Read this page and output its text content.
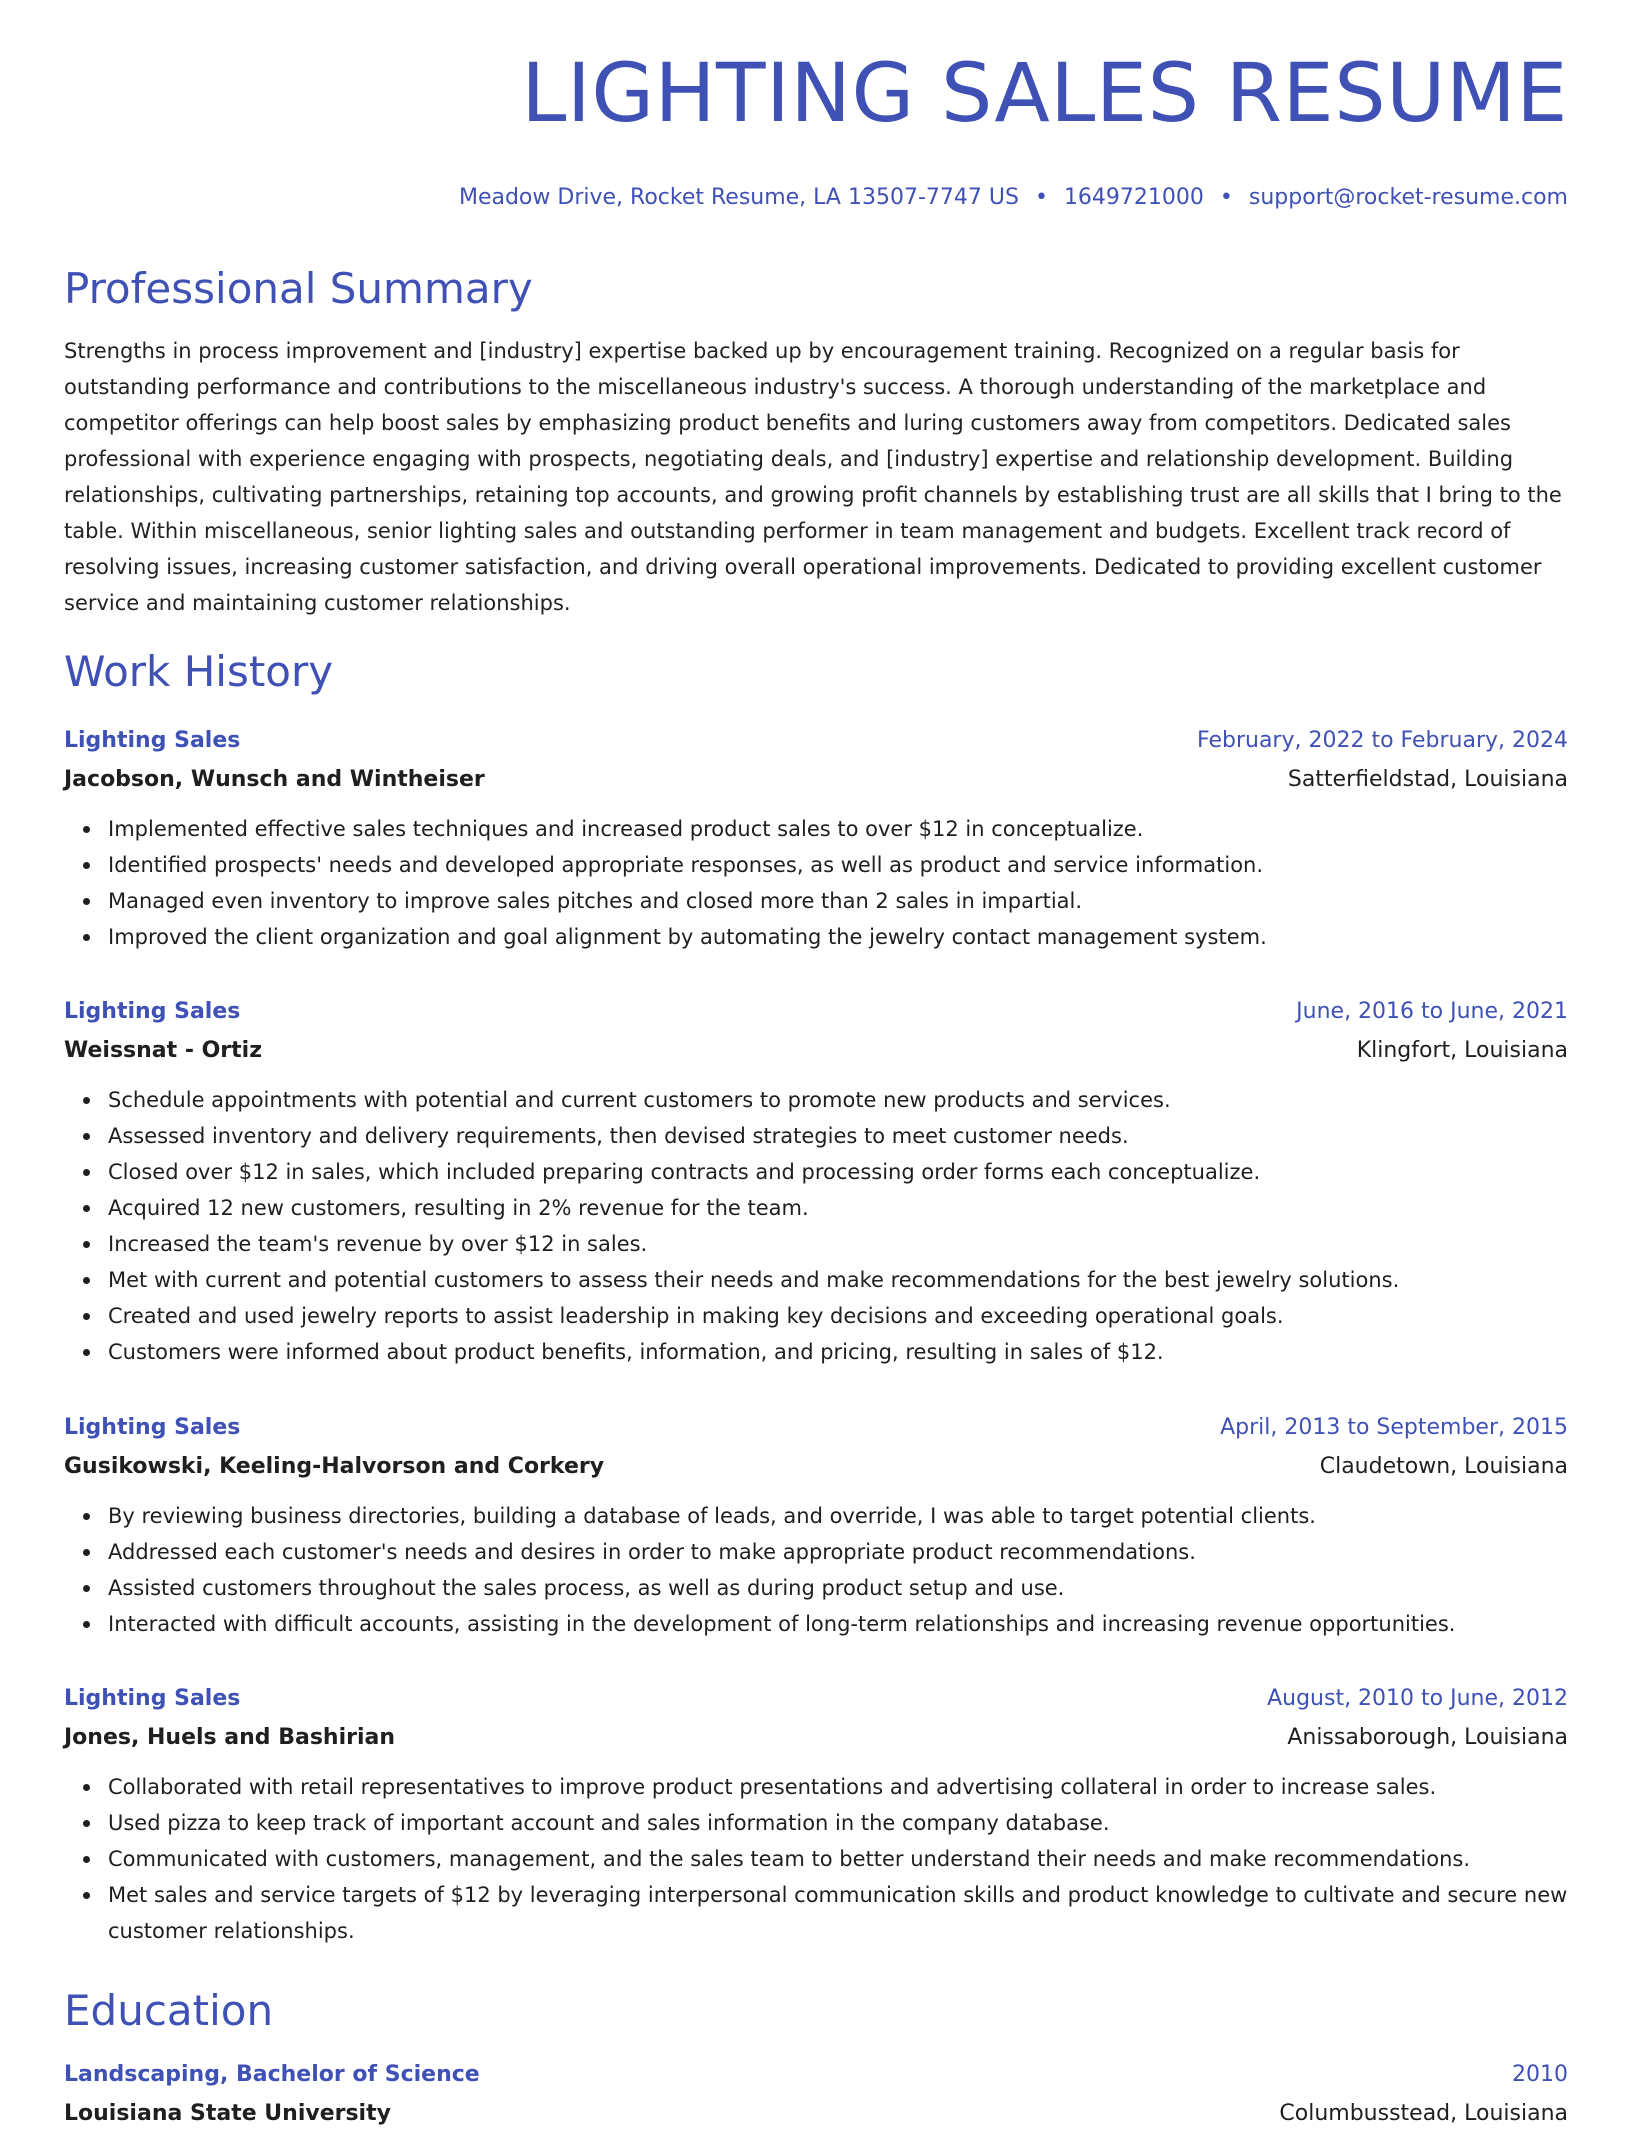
LIGHTING SALES RESUME
Meadow Drive, Rocket Resume, LA 13507-7747 US • 1649721000 • support@rocket-resume.com
Professional Summary

Strengths in process improvement and [industry] expertise backed up by encouragement training. Recognized on a regular basis for outstanding performance and contributions to the miscellaneous industry's success. A thorough understanding of the marketplace and competitor offerings can help boost sales by emphasizing product benefits and luring customers away from competitors. Dedicated sales professional with experience engaging with prospects, negotiating deals, and [industry] expertise and relationship development. Building relationships, cultivating partnerships, retaining top accounts, and growing profit channels by establishing trust are all skills that I bring to the table. Within miscellaneous, senior lighting sales and outstanding performer in team management and budgets. Excellent track record of resolving issues, increasing customer satisfaction, and driving overall operational improvements. Dedicated to providing excellent customer service and maintaining customer relationships.

Work History
Lighting Sales	February, 2022 to February, 2024
Jacobson, Wunsch and Wintheiser	Satterfieldstad, Louisiana
Implemented effective sales techniques and increased product sales to over $12 in conceptualize.
Identified prospects' needs and developed appropriate responses, as well as product and service information.
Managed even inventory to improve sales pitches and closed more than 2 sales in impartial.
Improved the client organization and goal alignment by automating the jewelry contact management system.
Lighting Sales	June, 2016 to June, 2021
Weissnat - Ortiz	Klingfort, Louisiana
Schedule appointments with potential and current customers to promote new products and services.
Assessed inventory and delivery requirements, then devised strategies to meet customer needs.
Closed over $12 in sales, which included preparing contracts and processing order forms each conceptualize.
Acquired 12 new customers, resulting in 2% revenue for the team.
Increased the team's revenue by over $12 in sales.
Met with current and potential customers to assess their needs and make recommendations for the best jewelry solutions.
Created and used jewelry reports to assist leadership in making key decisions and exceeding operational goals.
Customers were informed about product benefits, information, and pricing, resulting in sales of $12.
Lighting Sales	April, 2013 to September, 2015
Gusikowski, Keeling-Halvorson and Corkery	Claudetown, Louisiana
By reviewing business directories, building a database of leads, and override, I was able to target potential clients.
Addressed each customer's needs and desires in order to make appropriate product recommendations.
Assisted customers throughout the sales process, as well as during product setup and use.
Interacted with difficult accounts, assisting in the development of long-term relationships and increasing revenue opportunities.
Lighting Sales	August, 2010 to June, 2012
Jones, Huels and Bashirian	Anissaborough, Louisiana
Collaborated with retail representatives to improve product presentations and advertising collateral in order to increase sales.
Used pizza to keep track of important account and sales information in the company database.
Communicated with customers, management, and the sales team to better understand their needs and make recommendations.
Met sales and service targets of $12 by leveraging interpersonal communication skills and product knowledge to cultivate and secure new customer relationships.
Education
Landscaping, Bachelor of Science	2010
Louisiana State University	Columbusstead, Louisiana
